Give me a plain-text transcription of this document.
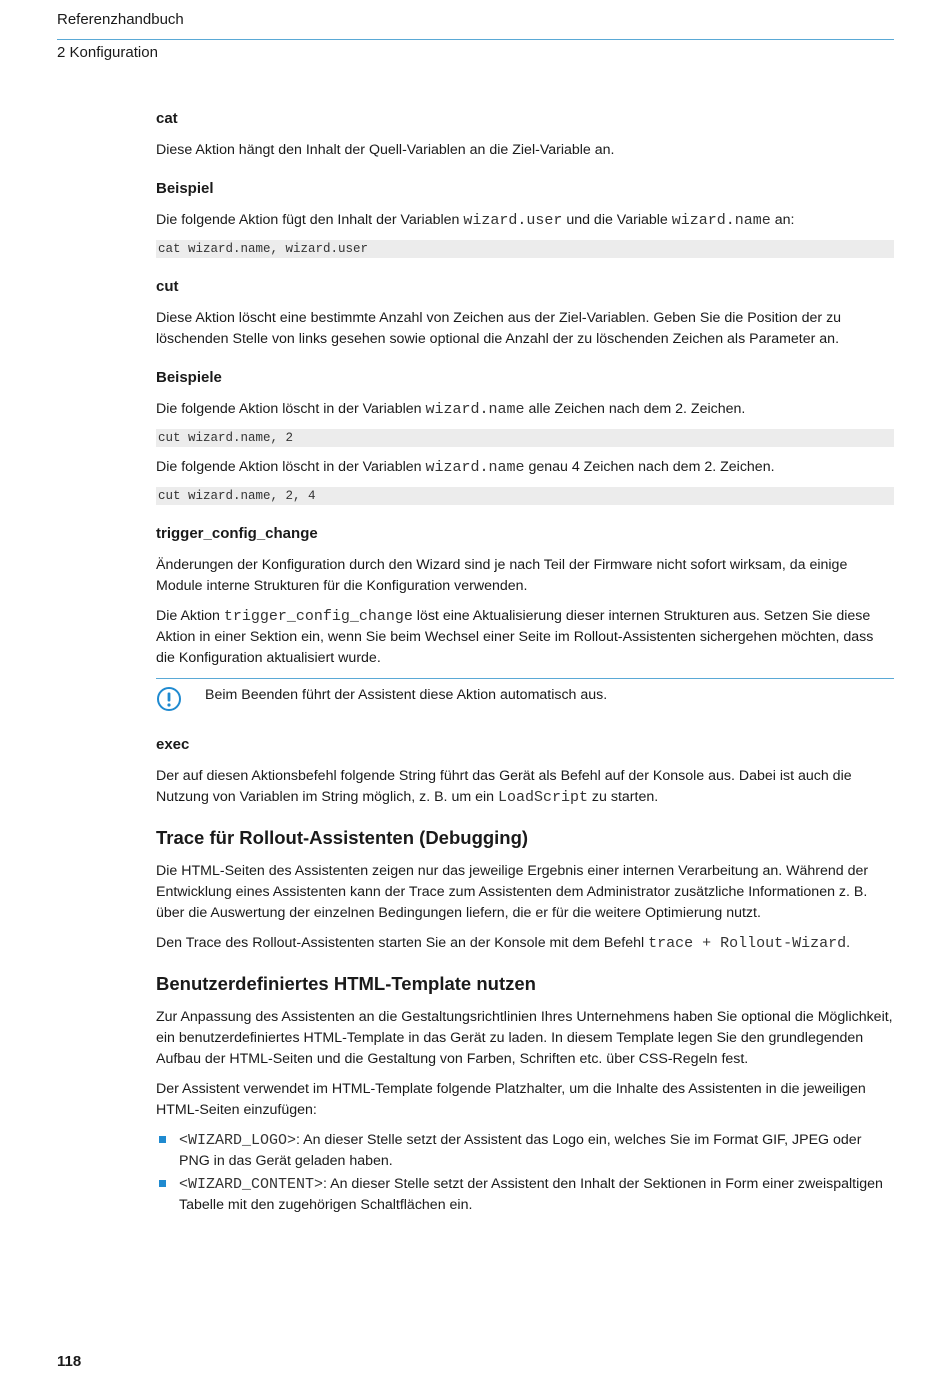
Referenzhandbuch
2 Konfiguration
cat

Diese Aktion hängt den Inhalt der Quell-Variablen an die Ziel-Variable an.

Beispiel

Die folgende Aktion fügt den Inhalt der Variablen wizard.user und die Variable wizard.name an:

cat wizard.name, wizard.user
cut

Diese Aktion löscht eine bestimmte Anzahl von Zeichen aus der Ziel-Variablen. Geben Sie die Position der zu löschenden Stelle von links gesehen sowie optional die Anzahl der zu löschenden Zeichen als Parameter an.

Beispiele

Die folgende Aktion löscht in der Variablen wizard.name alle Zeichen nach dem 2. Zeichen.

cut wizard.name, 2

Die folgende Aktion löscht in der Variablen wizard.name genau 4 Zeichen nach dem 2. Zeichen.

cut wizard.name, 2, 4
trigger_config_change

Änderungen der Konfiguration durch den Wizard sind je nach Teil der Firmware nicht sofort wirksam, da einige Module interne Strukturen für die Konfiguration verwenden.

Die Aktion trigger_config_change löst eine Aktualisierung dieser internen Strukturen aus. Setzen Sie diese Aktion in einer Sektion ein, wenn Sie beim Wechsel einer Seite im Rollout-Assistenten sichergehen möchten, dass die Konfiguration aktualisiert wurde.

Beim Beenden führt der Assistent diese Aktion automatisch aus.
exec

Der auf diesen Aktionsbefehl folgende String führt das Gerät als Befehl auf der Konsole aus. Dabei ist auch die Nutzung von Variablen im String möglich, z. B. um ein LoadScript zu starten.

Trace für Rollout-Assistenten (Debugging)

Die HTML-Seiten des Assistenten zeigen nur das jeweilige Ergebnis einer internen Verarbeitung an. Während der Entwicklung eines Assistenten kann der Trace zum Assistenten dem Administrator zusätzliche Informationen z. B. über die Auswertung der einzelnen Bedingungen liefern, die er für die weitere Optimierung nutzt.

Den Trace des Rollout-Assistenten starten Sie an der Konsole mit dem Befehl trace + Rollout-Wizard.

Benutzerdefiniertes HTML-Template nutzen

Zur Anpassung des Assistenten an die Gestaltungsrichtlinien Ihres Unternehmens haben Sie optional die Möglichkeit, ein benutzerdefiniertes HTML-Template in das Gerät zu laden. In diesem Template legen Sie den grundlegenden Aufbau der HTML-Seiten und die Gestaltung von Farben, Schriften etc. über CSS-Regeln fest.

Der Assistent verwendet im HTML-Template folgende Platzhalter, um die Inhalte des Assistenten in die jeweiligen HTML-Seiten einzufügen:

<WIZARD_LOGO>: An dieser Stelle setzt der Assistent das Logo ein, welches Sie im Format GIF, JPEG oder PNG in das Gerät geladen haben.
<WIZARD_CONTENT>: An dieser Stelle setzt der Assistent den Inhalt der Sektionen in Form einer zweispaltigen Tabelle mit den zugehörigen Schaltflächen ein.
118
